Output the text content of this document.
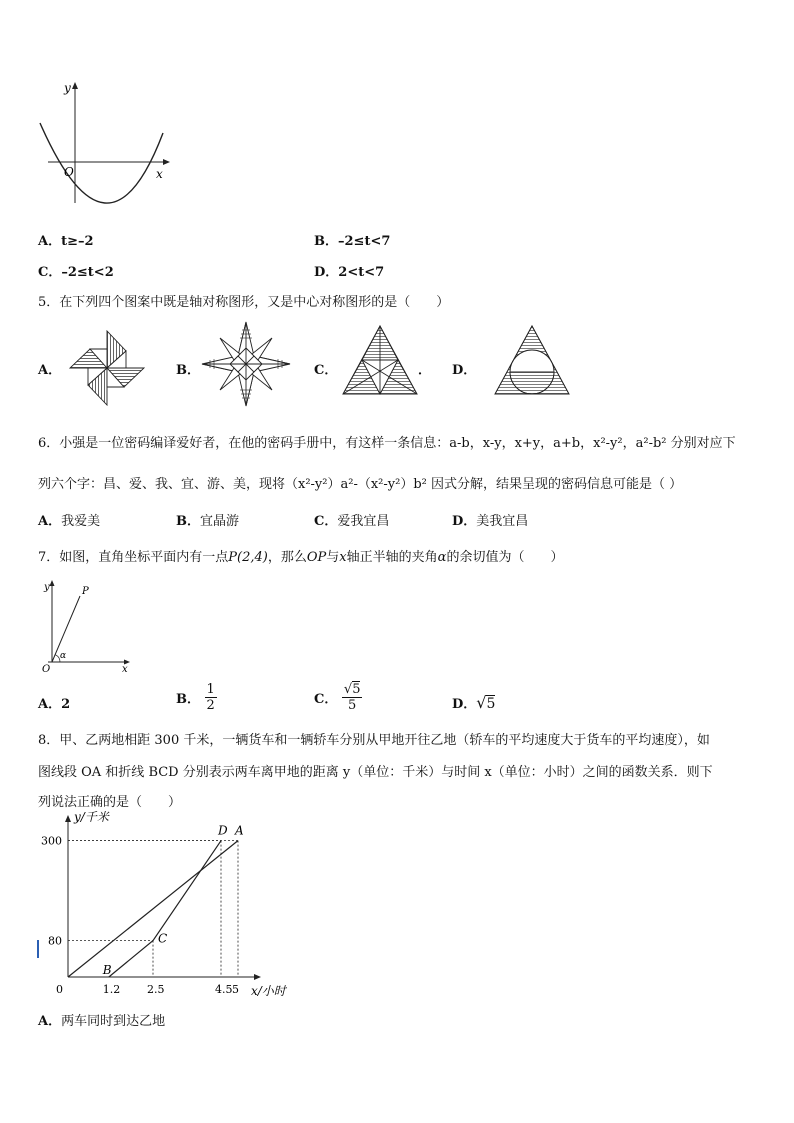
y
x
O
A．t≥–2	B．–2≤t<7
C．–2≤t<2	D．2<t<7
5．在下列四个图案中既是轴对称图形，又是中心对称图形的是（　　）
A．	B．	C．	． D．
6．小强是一位密码编译爱好者，在他的密码手册中，有这样一条信息：a-b，x-y，x+y，a+b，x²-y²，a²-b² 分别对应下
列六个字：昌、爱、我、宜、游、美，现将（x²-y²）a²-（x²-y²）b² 因式分解，结果呈现的密码信息可能是（ ）
A．我爱美	B．宜晶游	C．爱我宜昌	D．美我宜昌
7．如图，直角坐标平面内有一点P(2,4)，那么OP与x轴正半轴的夹角α的余切值为（　　）
y
x
O
P
α
A．2	B． $\frac{1}{2}$	C． $\frac{√5}{5}$	D．√5
8．甲、乙两地相距 300 千米，一辆货车和一辆轿车分别从甲地开往乙地（轿车的平均速度大于货车的平均速度），如
图线段 OA 和折线 BCD 分别表示两车离甲地的距离 y（单位：千米）与时间 x（单位：小时）之间的函数关系．则下
列说法正确的是（　　）
y/千米
x/小时
0	1.2 2.5	4.5 5
80
300
A
B
C
D
A．两车同时到达乙地
